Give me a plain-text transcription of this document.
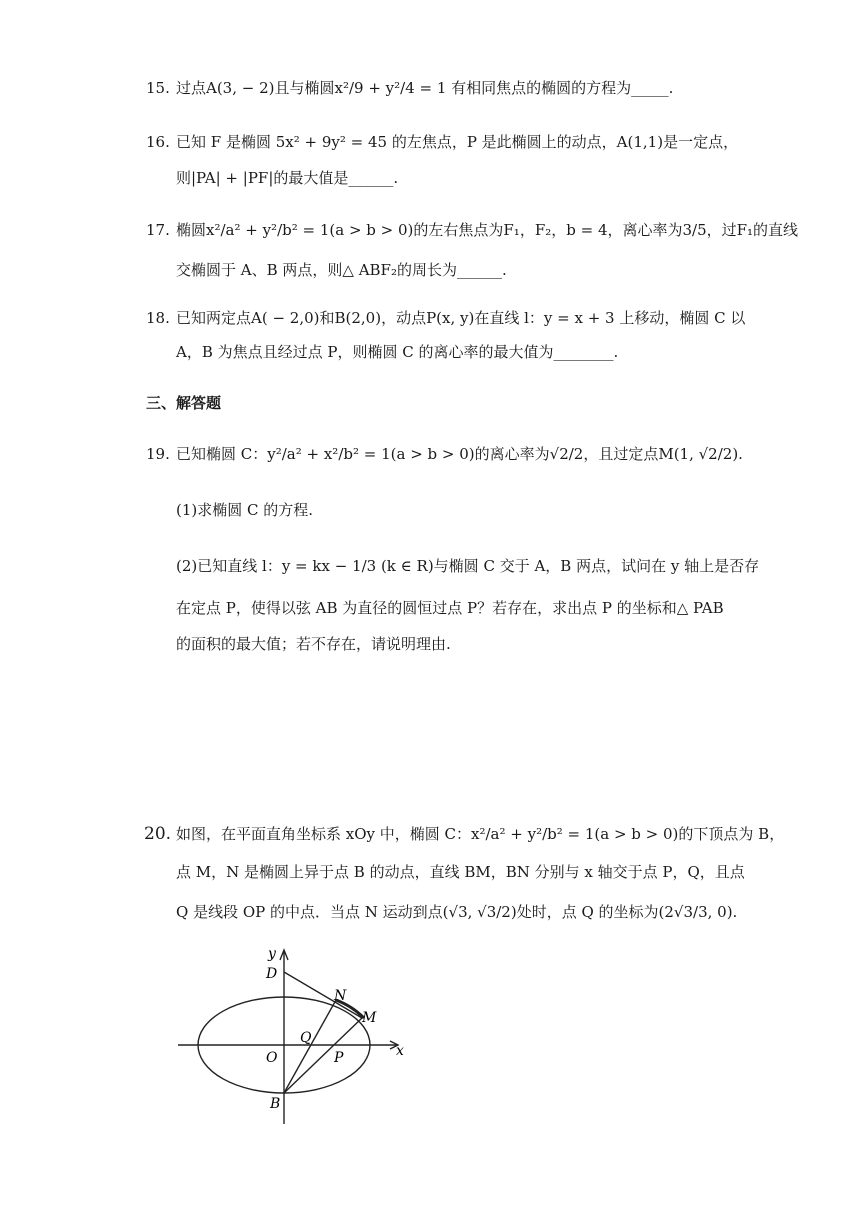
15. 过点A(3, − 2)且与椭圆x²/9 + y²/4 = 1 有相同焦点的椭圆的方程为_____.
16. 已知 F 是椭圆 5x² + 9y² = 45 的左焦点，P 是此椭圆上的动点，A(1,1)是一定点，
则|PA| + |PF|的最大值是______.
17. 椭圆x²/a² + y²/b² = 1(a > b > 0)的左右焦点为F₁，F₂，b = 4，离心率为3/5，过F₁的直线
交椭圆于 A、B 两点，则△ ABF₂的周长为______.
18. 已知两定点A( − 2,0)和B(2,0)，动点P(x, y)在直线 l：y = x + 3 上移动，椭圆 C 以
A，B 为焦点且经过点 P，则椭圆 C 的离心率的最大值为________.
三、解答题
19. 已知椭圆 C：y²/a² + x²/b² = 1(a > b > 0)的离心率为√2/2，且过定点M(1, √2/2).
(1)求椭圆 C 的方程.
(2)已知直线 l：y = kx − 1/3 (k ∈ R)与椭圆 C 交于 A，B 两点，试问在 y 轴上是否存
在定点 P，使得以弦 AB 为直径的圆恒过点 P？若存在，求出点 P 的坐标和△ PAB
的面积的最大值；若不存在，请说明理由.
20. 如图，在平面直角坐标系 xOy 中，椭圆 C：x²/a² + y²/b² = 1(a > b > 0)的下顶点为 B，
点 M，N 是椭圆上异于点 B 的动点，直线 BM，BN 分别与 x 轴交于点 P，Q，且点
Q 是线段 OP 的中点．当点 N 运动到点(√3, √3/2)处时，点 Q 的坐标为(2√3/3, 0).
y
x
D
N
M
Q
O	P
B
